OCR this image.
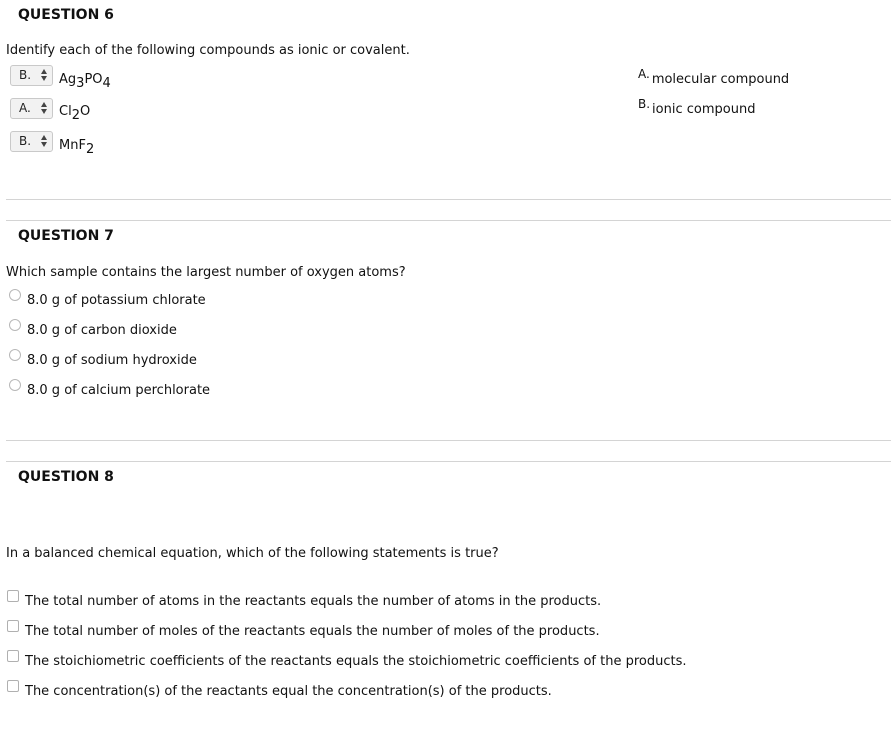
QUESTION 6
Identify each of the following compounds as ionic or covalent.
B. $Ag_3PO_4$
A. $Cl_2O$
B. MnF$_2$
A. molecular compound
B. ionic compound
QUESTION 7
Which sample contains the largest number of oxygen atoms?
8.0 g of potassium chlorate
8.0 g of carbon dioxide
8.0 g of sodium hydroxide
8.0 g of calcium perchlorate
QUESTION 8
In a balanced chemical equation, which of the following statements is true?
The total number of atoms in the reactants equals the number of atoms in the products.
The total number of moles of the reactants equals the number of moles of the products.
The stoichiometric coefficients of the reactants equals the stoichiometric coefficients of the products.
The concentration(s) of the reactants equal the concentration(s) of the products.
